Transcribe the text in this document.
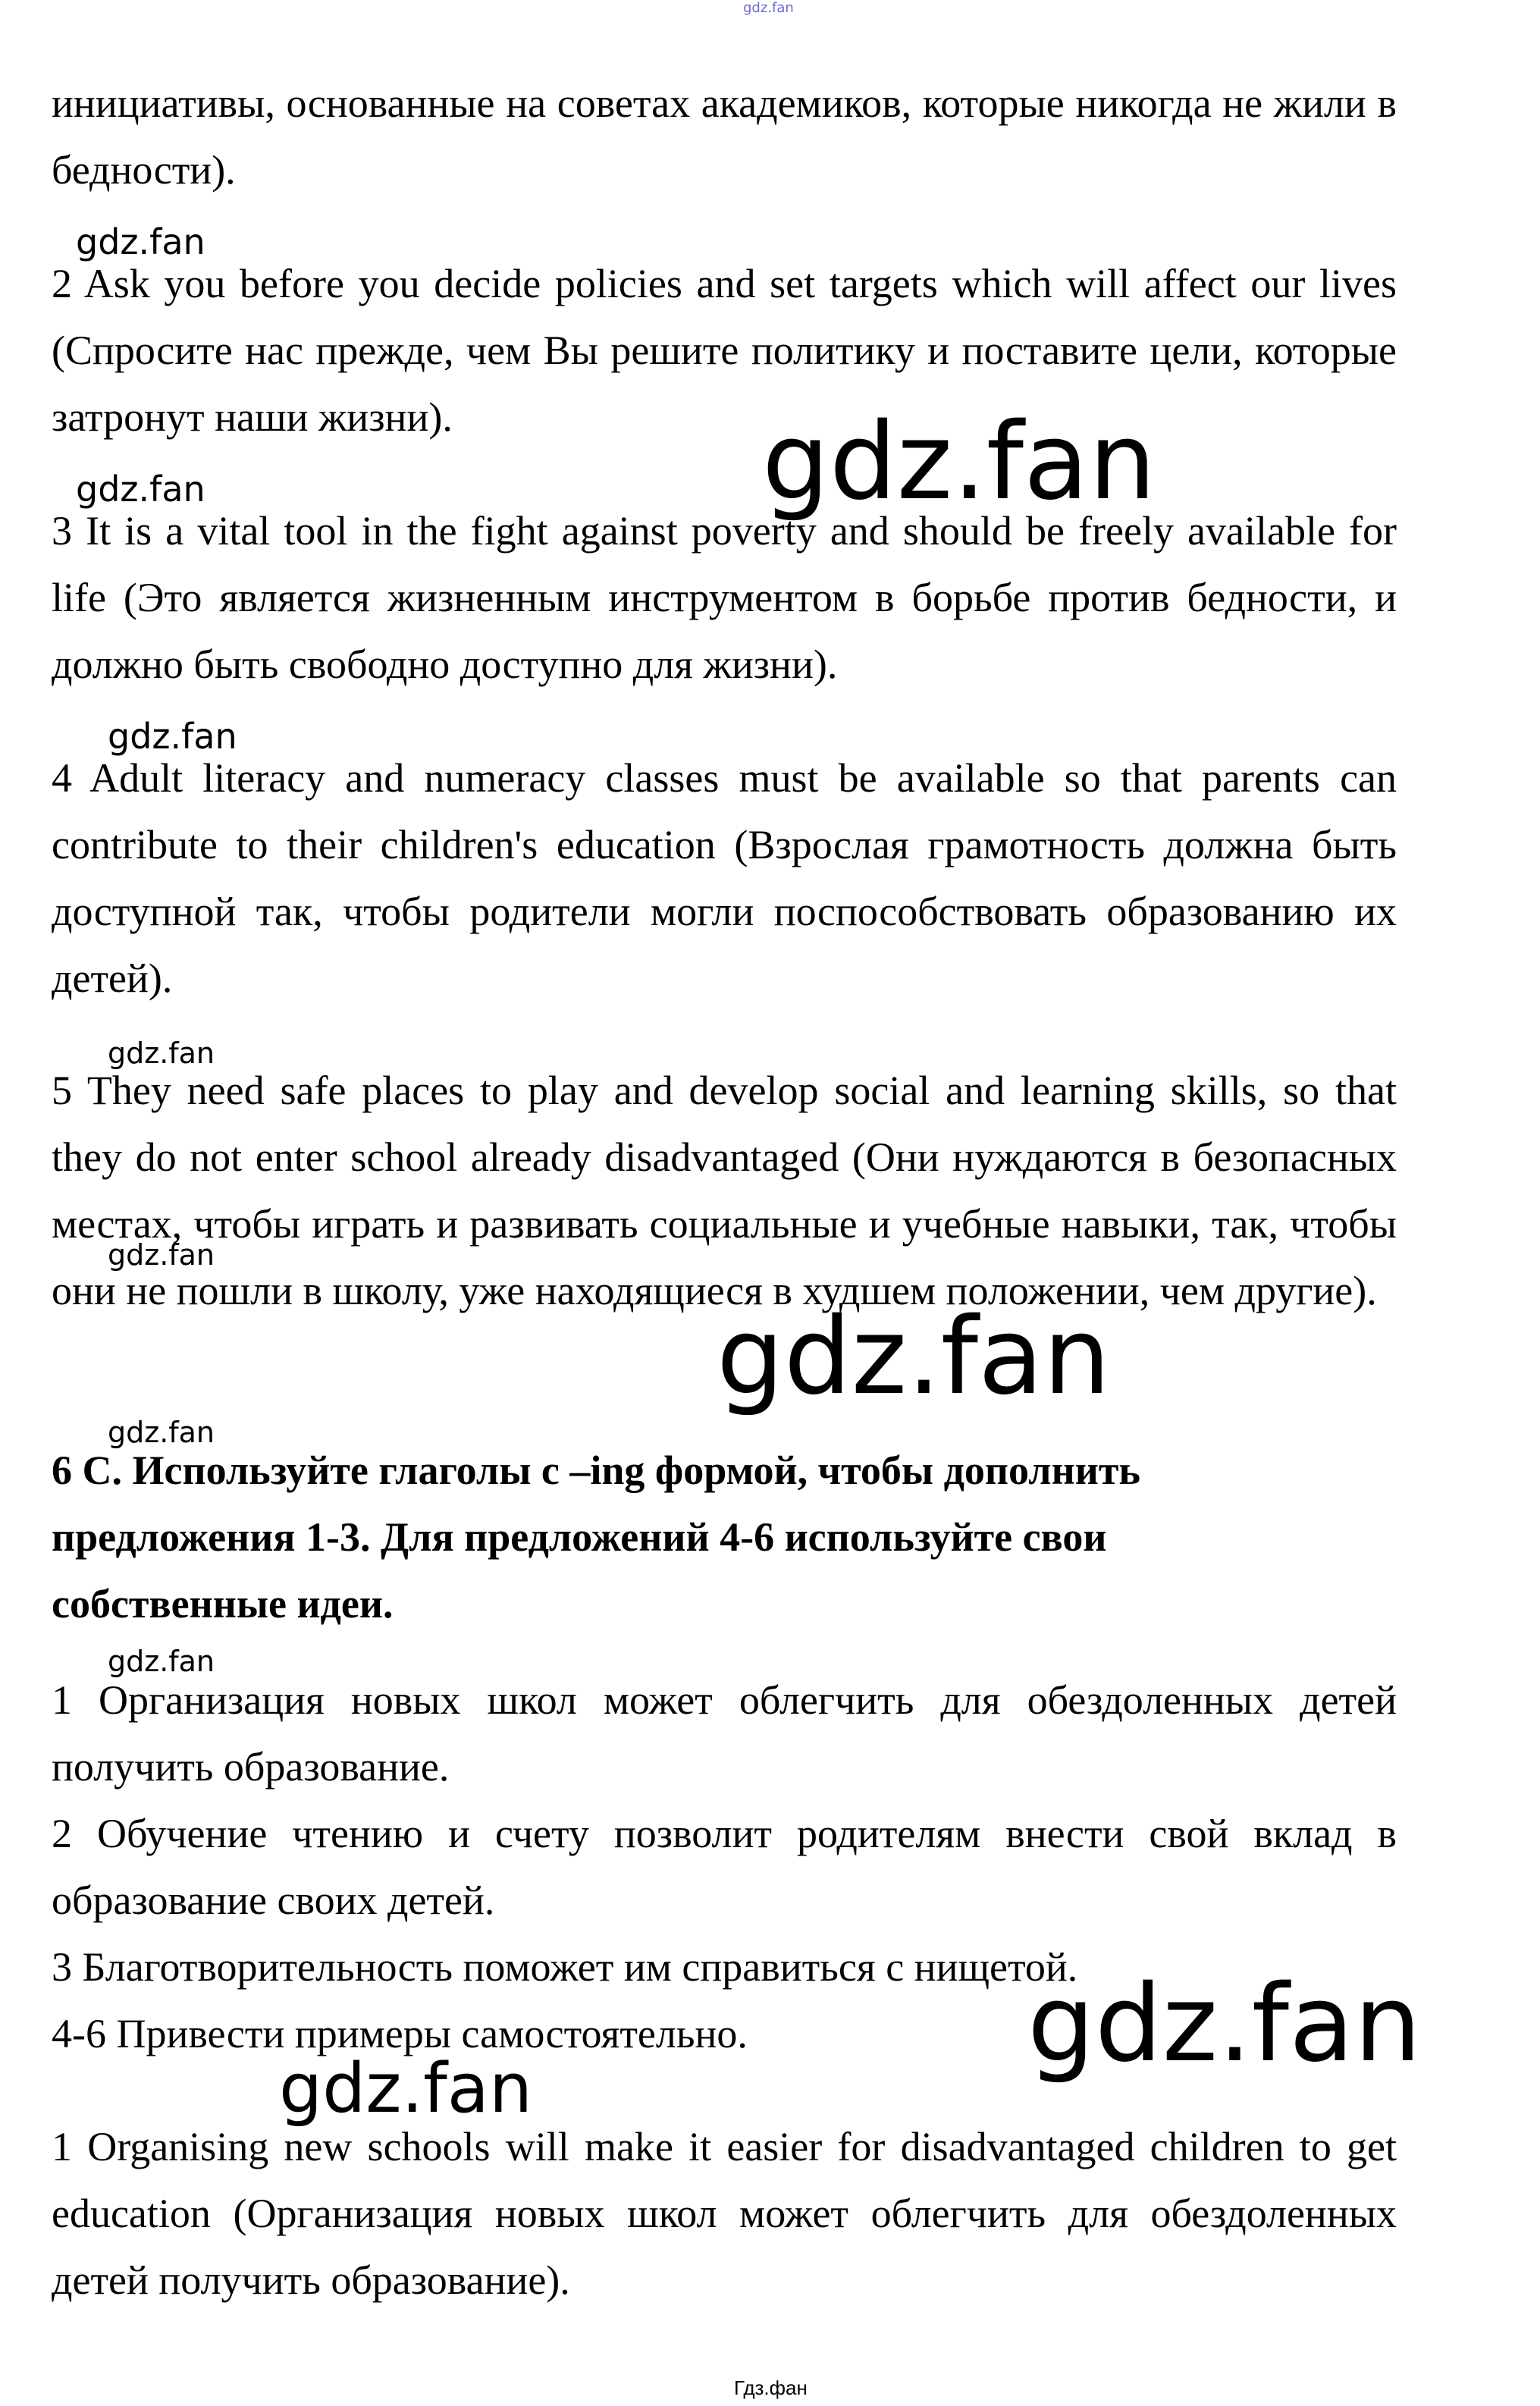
gdz.fan

инициативы, основанные на советах академиков, которые никогда не жили в бедности).

gdz.fan

2 Ask you before you decide policies and set targets which will affect our lives (Спросите нас прежде, чем Вы решите политику и поставите цели, которые затронут наши жизни).	gdz.fan
gdz.fan

3 It is a vital tool in the fight against poverty and should be freely available for life (Это является жизненным инструментом в борьбе против бедности, и должно быть свободно доступно для жизни).

gdz.fan

4 Adult literacy and numeracy classes must be available so that parents can contribute to their children's education (Взрослая грамотность должна быть доступной так, чтобы родители могли поспособствовать образованию их детей).

gdz.fan

5 They need safe places to play and develop social and learning skills, so that they do not enter school already disadvantaged (Они нуждаются в безопасных местах, чтобы играть и развивать социальные и учебные навыки, так, чтобы они не пошли в школу, уже находящиеся в худшем положении, чем другие).

gdz.fan
gdz.fan
gdz.fan

6 C. Используйте глаголы с –ing формой, чтобы дополнить предложения 1-3. Для предложений 4-6 используйте свои собственные идеи.

gdz.fan

1 Организация новых школ может облегчить для обездоленных детей получить образование.

2 Обучение чтению и счету позволит родителям внести свой вклад в образование своих детей.

3 Благотворительность поможет им справиться с нищетой.

4-6 Привести примеры самостоятельно.	gdz.fan
gdz.fan

1 Organising new schools will make it easier for disadvantaged children to get education (Организация новых школ может облегчить для обездоленных детей получить образование).

Гдз.фан
